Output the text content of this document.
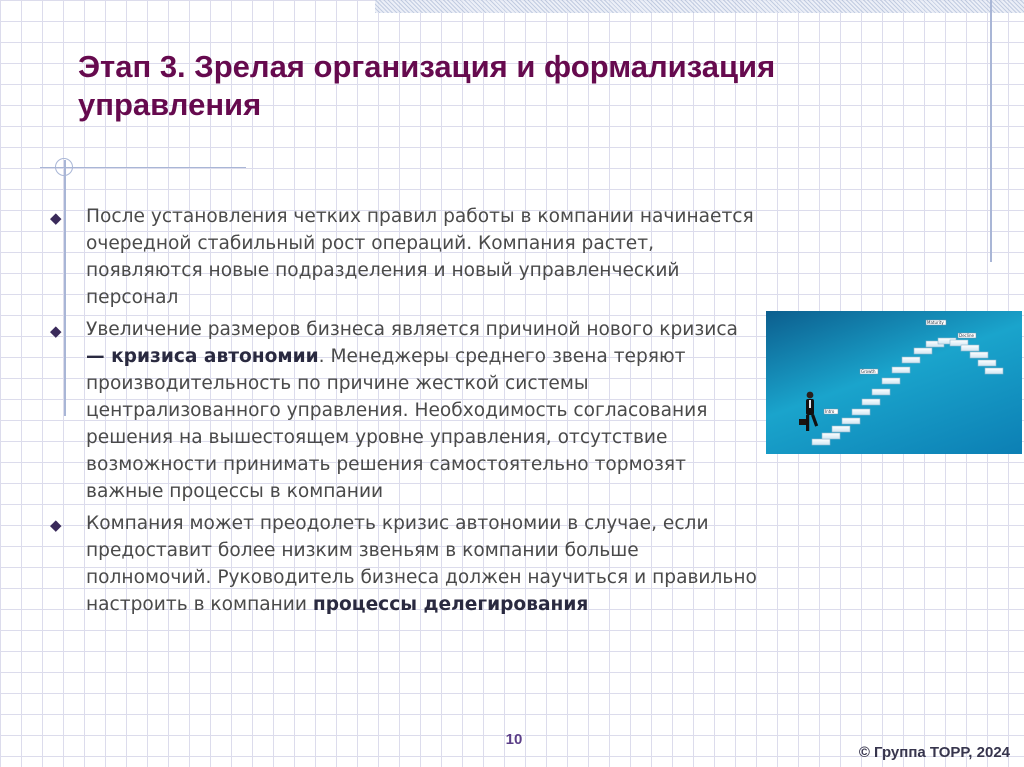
Этап 3. Зрелая организация и формализация управления
◆ После установления четких правил работы в компании начинается очередной стабильный рост операций. Компания растет, появляются новые подразделения и новый управленческий персонал
◆ Увеличение размеров бизнеса является причиной нового кризиса — кризиса автономии. Менеджеры среднего звена теряют производительность по причине жесткой системы централизованного управления. Необходимость согласования решения на вышестоящем уровне управления, отсутствие возможности принимать решения самостоятельно тормозят важные процессы в компании
◆ Компания может преодолеть кризис автономии в случае, если предоставит более низким звеньям в компании больше полномочий. Руководитель бизнеса должен научиться и правильно настроить в компании процессы делегирования
Intro
Growth
Maturity
Decline
10
© Группа ТОРР, 2024
